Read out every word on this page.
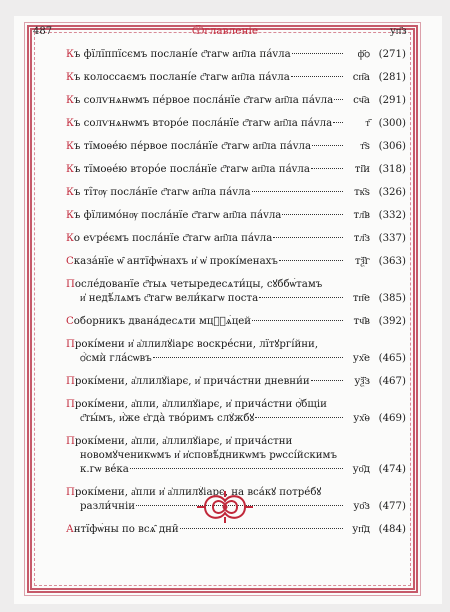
487	Ѿглавлeніе	уп҃з
Къ фїлїппїсємъ послані́е с҃тагѡ ап҃ла па́vла	ф҃ѻ (271)
Къ колоссаємъ послані́е с҃тагѡ ап҃ла па́vла	сп҃а (281)
Къ солѵнѧнѡмъ пе́рвое посла́нїе с҃тагѡ ап҃ла па́vла	сч҃а (291)
Къ солѵнѧнѡмъ второ́е посла́нїе с҃тагѡ ап҃ла па́vла	т҃ (300)
Къ тїмоѳе́ю пе́рвое посла́нїе с҃тагѡ ап҃ла па́vла	т҃ѕ (306)
Къ тїмоѳе́ю второ́е посла́нїе с҃тагѡ ап҃ла па́vла	ті҃и (318)
Къ тї́тѹ посла́нїе с҃тагѡ ап҃ла па́vла	тк҃ѕ (326)
Къ фїлимо́нѹ посла́нїе с҃тагѡ ап҃ла па́vла	тл҃в (332)
Ко еѵре́ємъ посла́нїе с҃тагѡ ап҃ла па́vла	тл҃з (337)
Сказа́нїе ѡ̑ антїфѡ́нахъ и҆ ѡ҆ прокі́менахъ	тѯ҃г (363)
После́дованїе с҃тыѧ четыредесѧти́цы, сꙋббѡ́тамъ
и҆ недѣ́лѧмъ с҃тагѡ вели́кагѡ поста	тп҃е (385)
Соборникъ двана́десѧти мцⷭ҇ѧ́цей	тч҃в (392)
Прокі́мени и҆ а҆ллилꙋ́іарє воскре́сни, лїтꙋргі́йни,
ѻ҆́смѝ гла́сѡвъ	ух҃е (465)
Прокі́мени, а҆ллилꙋ́іарє, и҆ прича́стни дневни́и	уѯ҃з (467)
Прокі́мени, а҆пли, а҆ллилꙋ́іарє, и҆ прича́стни ѻ҆́бщіи
с҃ты́мъ, и҆̀же є҆гда̀ тво́римъ слꙋ́жбꙋ	ух҃ѳ (469)
Прокі́мени, а҆пли, а҆ллилꙋ́іарє, и҆ прича́стни
новомꙋ́ченикѡмъ и҆ и҆сповѣ́дникѡмъ рѡссі́йскимъ
к.гѡ ве́ка	уо҃д (474)
Прокі́мени, а҆пли и҆ а҆ллилꙋ́іарє, на вса́кꙋ потре́бꙋ
разли́чніи	уо҃з (477)
Антїфѡ́ны по всѧ̑ дни̑	уп҃д (484)
